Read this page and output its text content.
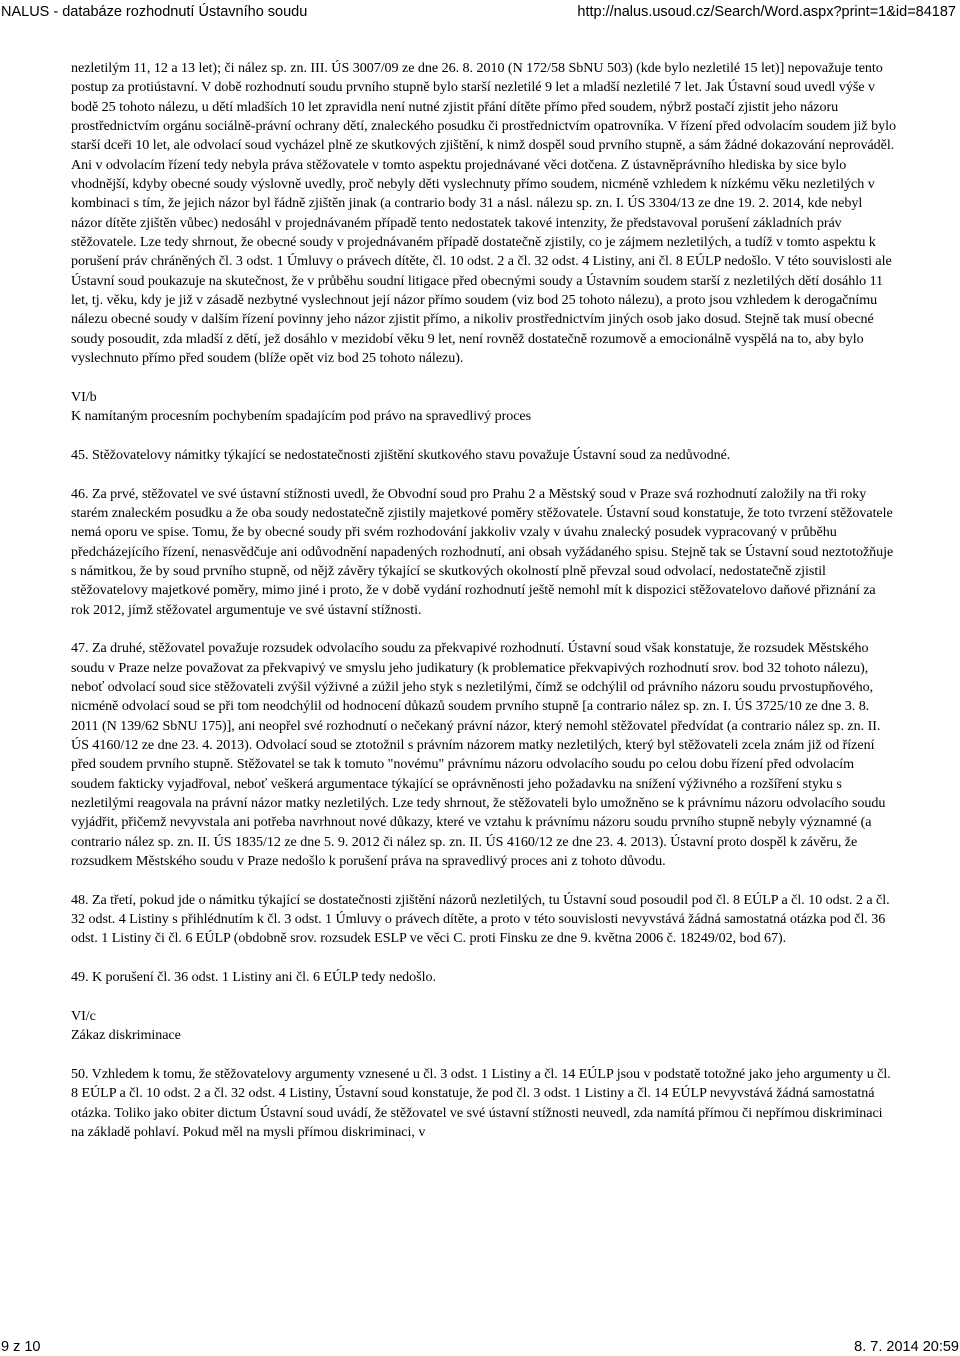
NALUS - databáze rozhodnutí Ústavního soudu	http://nalus.usoud.cz/Search/Word.aspx?print=1&id=84187

nezletilým 11, 12 a 13 let); či nález sp. zn. III. ÚS 3007/09 ze dne 26. 8. 2010 (N 172/58 SbNU 503) (kde bylo nezletilé 15 let)] nepovažuje tento postup za protiústavní. V době rozhodnutí soudu prvního stupně bylo starší nezletilé 9 let a mladší nezletilé 7 let. Jak Ústavní soud uvedl výše v bodě 25 tohoto nálezu, u dětí mladších 10 let zpravidla není nutné zjistit přání dítěte přímo před soudem, nýbrž postačí zjistit jeho názoru prostřednictvím orgánu sociálně-právní ochrany dětí, znaleckého posudku či prostřednictvím opatrovníka. V řízení před odvolacím soudem již bylo starší dceři 10 let, ale odvolací soud vycházel plně ze skutkových zjištění, k nimž dospěl soud prvního stupně, a sám žádné dokazování neprováděl. Ani v odvolacím řízení tedy nebyla práva stěžovatele v tomto aspektu projednávané věci dotčena. Z ústavněprávního hlediska by sice bylo vhodnější, kdyby obecné soudy výslovně uvedly, proč nebyly děti vyslechnuty přímo soudem, nicméně vzhledem k nízkému věku nezletilých v kombinaci s tím, že jejich názor byl řádně zjištěn jinak (a contrario body 31 a násl. nálezu sp. zn. I. ÚS 3304/13 ze dne 19. 2. 2014, kde nebyl názor dítěte zjištěn vůbec) nedosáhl v projednávaném případě tento nedostatek takové intenzity, že představoval porušení základních práv stěžovatele. Lze tedy shrnout, že obecné soudy v projednávaném případě dostatečně zjistily, co je zájmem nezletilých, a tudíž v tomto aspektu k porušení práv chráněných čl. 3 odst. 1 Úmluvy o právech dítěte, čl. 10 odst. 2 a čl. 32 odst. 4 Listiny, ani čl. 8 EÚLP nedošlo. V této souvislosti ale Ústavní soud poukazuje na skutečnost, že v průběhu soudní litigace před obecnými soudy a Ústavním soudem starší z nezletilých dětí dosáhlo 11 let, tj. věku, kdy je již v zásadě nezbytné vyslechnout její názor přímo soudem (viz bod 25 tohoto nálezu), a proto jsou vzhledem k derogačnímu nálezu obecné soudy v dalším řízení povinny jeho názor zjistit přímo, a nikoliv prostřednictvím jiných osob jako dosud. Stejně tak musí obecné soudy posoudit, zda mladší z dětí, jež dosáhlo v mezidobí věku 9 let, není rovněž dostatečně rozumově a emocionálně vyspělá na to, aby bylo vyslechnuto přímo před soudem (blíže opět viz bod 25 tohoto nálezu).

VI/b
K namítaným procesním pochybením spadajícím pod právo na spravedlivý proces

45. Stěžovatelovy námitky týkající se nedostatečnosti zjištění skutkového stavu považuje Ústavní soud za nedůvodné.

46. Za prvé, stěžovatel ve své ústavní stížnosti uvedl, že Obvodní soud pro Prahu 2 a Městský soud v Praze svá rozhodnutí založily na tři roky starém znaleckém posudku a že oba soudy nedostatečně zjistily majetkové poměry stěžovatele. Ústavní soud konstatuje, že toto tvrzení stěžovatele nemá oporu ve spise. Tomu, že by obecné soudy při svém rozhodování jakkoliv vzaly v úvahu znalecký posudek vypracovaný v průběhu předcházejícího řízení, nenasvědčuje ani odůvodnění napadených rozhodnutí, ani obsah vyžádaného spisu. Stejně tak se Ústavní soud neztotožňuje s námitkou, že by soud prvního stupně, od nějž závěry týkající se skutkových okolností plně převzal soud odvolací, nedostatečně zjistil stěžovatelovy majetkové poměry, mimo jiné i proto, že v době vydání rozhodnutí ještě nemohl mít k dispozici stěžovatelovo daňové přiznání za rok 2012, jímž stěžovatel argumentuje ve své ústavní stížnosti.

47. Za druhé, stěžovatel považuje rozsudek odvolacího soudu za překvapivé rozhodnutí. Ústavní soud však konstatuje, že rozsudek Městského soudu v Praze nelze považovat za překvapivý ve smyslu jeho judikatury (k problematice překvapivých rozhodnutí srov. bod 32 tohoto nálezu), neboť odvolací soud sice stěžovateli zvýšil výživné a zúžil jeho styk s nezletilými, čímž se odchýlil od právního názoru soudu prvostupňového, nicméně odvolací soud se při tom neodchýlil od hodnocení důkazů soudem prvního stupně [a contrario nález sp. zn. I. ÚS 3725/10 ze dne 3. 8. 2011 (N 139/62 SbNU 175)], ani neopřel své rozhodnutí o nečekaný právní názor, který nemohl stěžovatel předvídat (a contrario nález sp. zn. II. ÚS 4160/12 ze dne 23. 4. 2013). Odvolací soud se ztotožnil s právním názorem matky nezletilých, který byl stěžovateli zcela znám již od řízení před soudem prvního stupně. Stěžovatel se tak k tomuto "novému" právnímu názoru odvolacího soudu po celou dobu řízení před odvolacím soudem fakticky vyjadřoval, neboť veškerá argumentace týkající se oprávněnosti jeho požadavku na snížení výživného a rozšíření styku s nezletilými reagovala na právní názor matky nezletilých. Lze tedy shrnout, že stěžovateli bylo umožněno se k právnímu názoru odvolacího soudu vyjádřit, přičemž nevyvstala ani potřeba navrhnout nové důkazy, které ve vztahu k právnímu názoru soudu prvního stupně nebyly významné (a contrario nález sp. zn. II. ÚS 1835/12 ze dne 5. 9. 2012 či nález sp. zn. II. ÚS 4160/12 ze dne 23. 4. 2013). Ústavní proto dospěl k závěru, že rozsudkem Městského soudu v Praze nedošlo k porušení práva na spravedlivý proces ani z tohoto důvodu.

48. Za třetí, pokud jde o námitku týkající se dostatečnosti zjištění názorů nezletilých, tu Ústavní soud posoudil pod čl. 8 EÚLP a čl. 10 odst. 2 a čl. 32 odst. 4 Listiny s přihlédnutím k čl. 3 odst. 1 Úmluvy o právech dítěte, a proto v této souvislosti nevyvstává žádná samostatná otázka pod čl. 36 odst. 1 Listiny či čl. 6 EÚLP (obdobně srov. rozsudek ESLP ve věci C. proti Finsku ze dne 9. května 2006 č. 18249/02, bod 67).

49. K porušení čl. 36 odst. 1 Listiny ani čl. 6 EÚLP tedy nedošlo.

VI/c
Zákaz diskriminace

50. Vzhledem k tomu, že stěžovatelovy argumenty vznesené u čl. 3 odst. 1 Listiny a čl. 14 EÚLP jsou v podstatě totožné jako jeho argumenty u čl. 8 EÚLP a čl. 10 odst. 2 a čl. 32 odst. 4 Listiny, Ústavní soud konstatuje, že pod čl. 3 odst. 1 Listiny a čl. 14 EÚLP nevyvstává žádná samostatná otázka. Toliko jako obiter dictum Ústavní soud uvádí, že stěžovatel ve své ústavní stížnosti neuvedl, zda namítá přímou či nepřímou diskriminaci na základě pohlaví. Pokud měl na mysli přímou diskriminaci, v

9 z 10	8. 7. 2014 20:59
